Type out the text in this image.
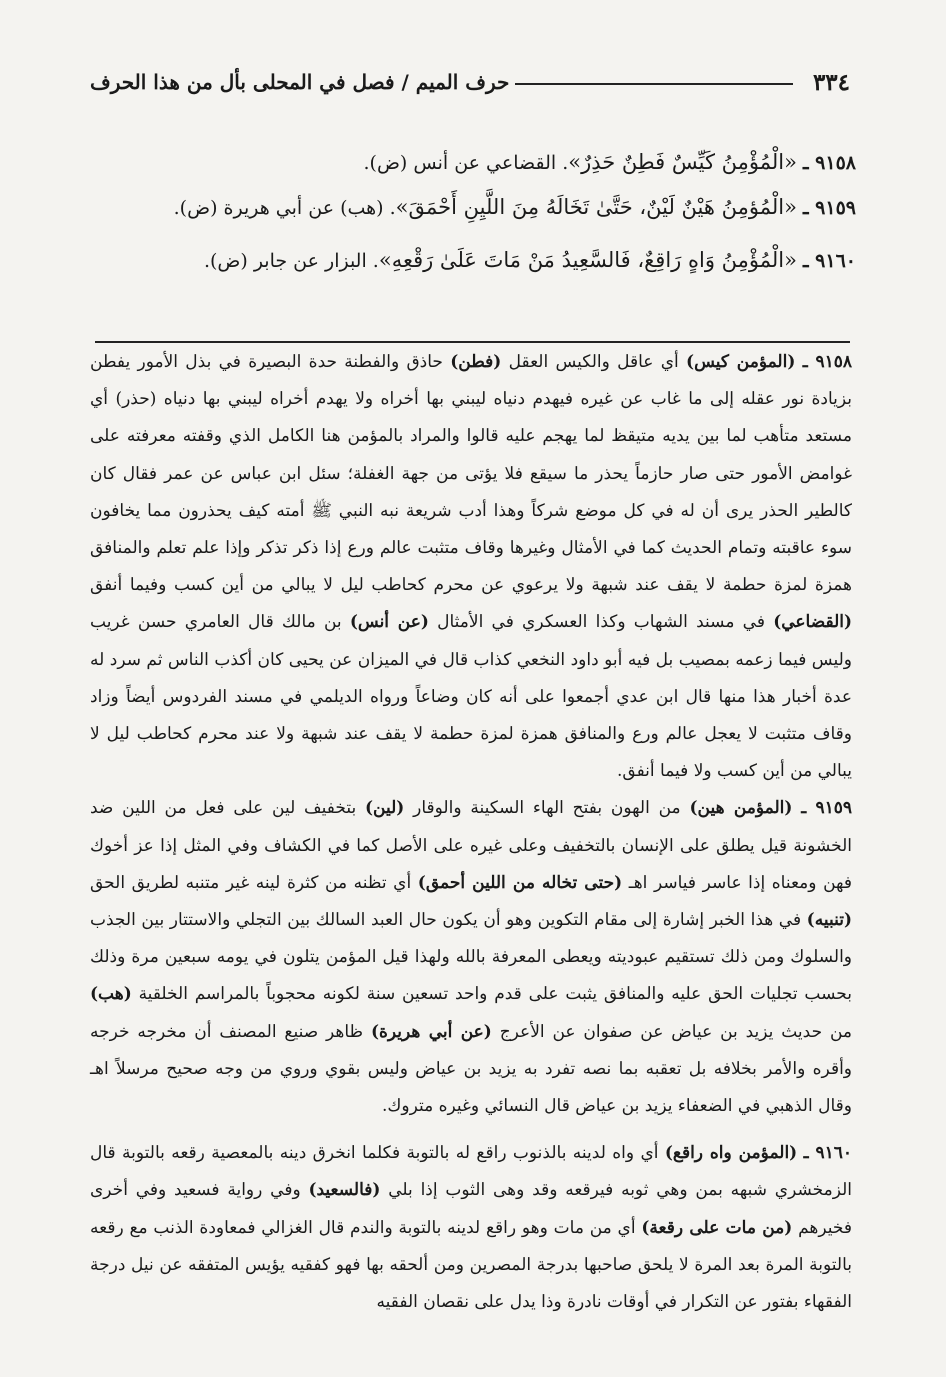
٣٣٤
حرف الميم / فصل في المحلى بأل من هذا الحرف
٩١٥٨ ـ «الْمُؤْمِنُ كَيِّسٌ فَطِنٌ حَذِرٌ». القضاعي عن أنس (ض).
٩١٥٩ ـ «الْمُؤمِنُ هَيْنٌ لَيْنٌ، حَتَّىٰ تَخَالَهُ مِنَ اللَّيِنِ أَحْمَقَ». (هب) عن أبي هريرة (ض).
٩١٦٠ ـ «الْمُؤْمِنُ وَاهٍ رَاقِعٌ، فَالسَّعِيدُ مَنْ مَاتَ عَلَىٰ رَقْعِهِ». البزار عن جابر (ض).

٩١٥٨ ـ (المؤمن كيس) أي عاقل والكيس العقل (فطن) حاذق والفطنة حدة البصيرة في بذل الأمور يفطن بزيادة نور عقله إلى ما غاب عن غيره فيهدم دنياه ليبني بها أخراه ولا يهدم أخراه ليبني بها دنياه (حذر) أي مستعد متأهب لما بين يديه متيقظ لما يهجم عليه قالوا والمراد بالمؤمن هنا الكامل الذي وقفته معرفته على غوامض الأمور حتى صار حازماً يحذر ما سيقع فلا يؤتى من جهة الغفلة؛ سئل ابن عباس عن عمر فقال كان كالطير الحذر يرى أن له في كل موضع شركاً وهذا أدب شريعة نبه النبي ﷺ أمته كيف يحذرون مما يخافون سوء عاقبته وتمام الحديث كما في الأمثال وغيرها وقاف متثبت عالم ورع إذا ذكر تذكر وإذا علم تعلم والمنافق همزة لمزة حطمة لا يقف عند شبهة ولا يرعوي عن محرم كحاطب ليل لا يبالي من أين كسب وفيما أنفق (القضاعي) في مسند الشهاب وكذا العسكري في الأمثال (عن أنس) بن مالك قال العامري حسن غريب وليس فيما زعمه بمصيب بل فيه أبو داود النخعي كذاب قال في الميزان عن يحيى كان أكذب الناس ثم سرد له عدة أخبار هذا منها قال ابن عدي أجمعوا على أنه كان وضاعاً ورواه الديلمي في مسند الفردوس أيضاً وزاد وقاف متثبت لا يعجل عالم ورع والمنافق همزة لمزة حطمة لا يقف عند شبهة ولا عند محرم كحاطب ليل لا يبالي من أين كسب ولا فيما أنفق.

٩١٥٩ ـ (المؤمن هين) من الهون بفتح الهاء السكينة والوقار (لين) بتخفيف لين على فعل من اللين ضد الخشونة قيل يطلق على الإنسان بالتخفيف وعلى غيره على الأصل كما في الكشاف وفي المثل إذا عز أخوك فهن ومعناه إذا عاسر فياسر اهـ (حتى تخاله من اللين أحمق) أي تظنه من كثرة لينه غير متنبه لطريق الحق (تنبيه) في هذا الخبر إشارة إلى مقام التكوين وهو أن يكون حال العبد السالك بين التجلي والاستتار بين الجذب والسلوك ومن ذلك تستقيم عبوديته ويعطى المعرفة بالله ولهذا قيل المؤمن يتلون في يومه سبعين مرة وذلك بحسب تجليات الحق عليه والمنافق يثبت على قدم واحد تسعين سنة لكونه محجوباً بالمراسم الخلقية (هب) من حديث يزيد بن عياض عن صفوان عن الأعرج (عن أبي هريرة) ظاهر صنيع المصنف أن مخرجه خرجه وأقره والأمر بخلافه بل تعقبه بما نصه تفرد به يزيد بن عياض وليس بقوي وروي من وجه صحيح مرسلاً اهـ وقال الذهبي في الضعفاء يزيد بن عياض قال النسائي وغيره متروك.

٩١٦٠ ـ (المؤمن واه راقع) أي واه لدينه بالذنوب راقع له بالتوبة فكلما انخرق دينه بالمعصية رقعه بالتوبة قال الزمخشري شبهه بمن وهي ثوبه فيرقعه وقد وهى الثوب إذا بلي (فالسعيد) وفي رواية فسعيد وفي أخرى فخيرهم (من مات على رقعة) أي من مات وهو راقع لدينه بالتوبة والندم قال الغزالي فمعاودة الذنب مع رقعه بالتوبة المرة بعد المرة لا يلحق صاحبها بدرجة المصرين ومن ألحقه بها فهو كفقيه يؤيس المتفقه عن نيل درجة الفقهاء بفتور عن التكرار في أوقات نادرة وذا يدل على نقصان الفقيه
